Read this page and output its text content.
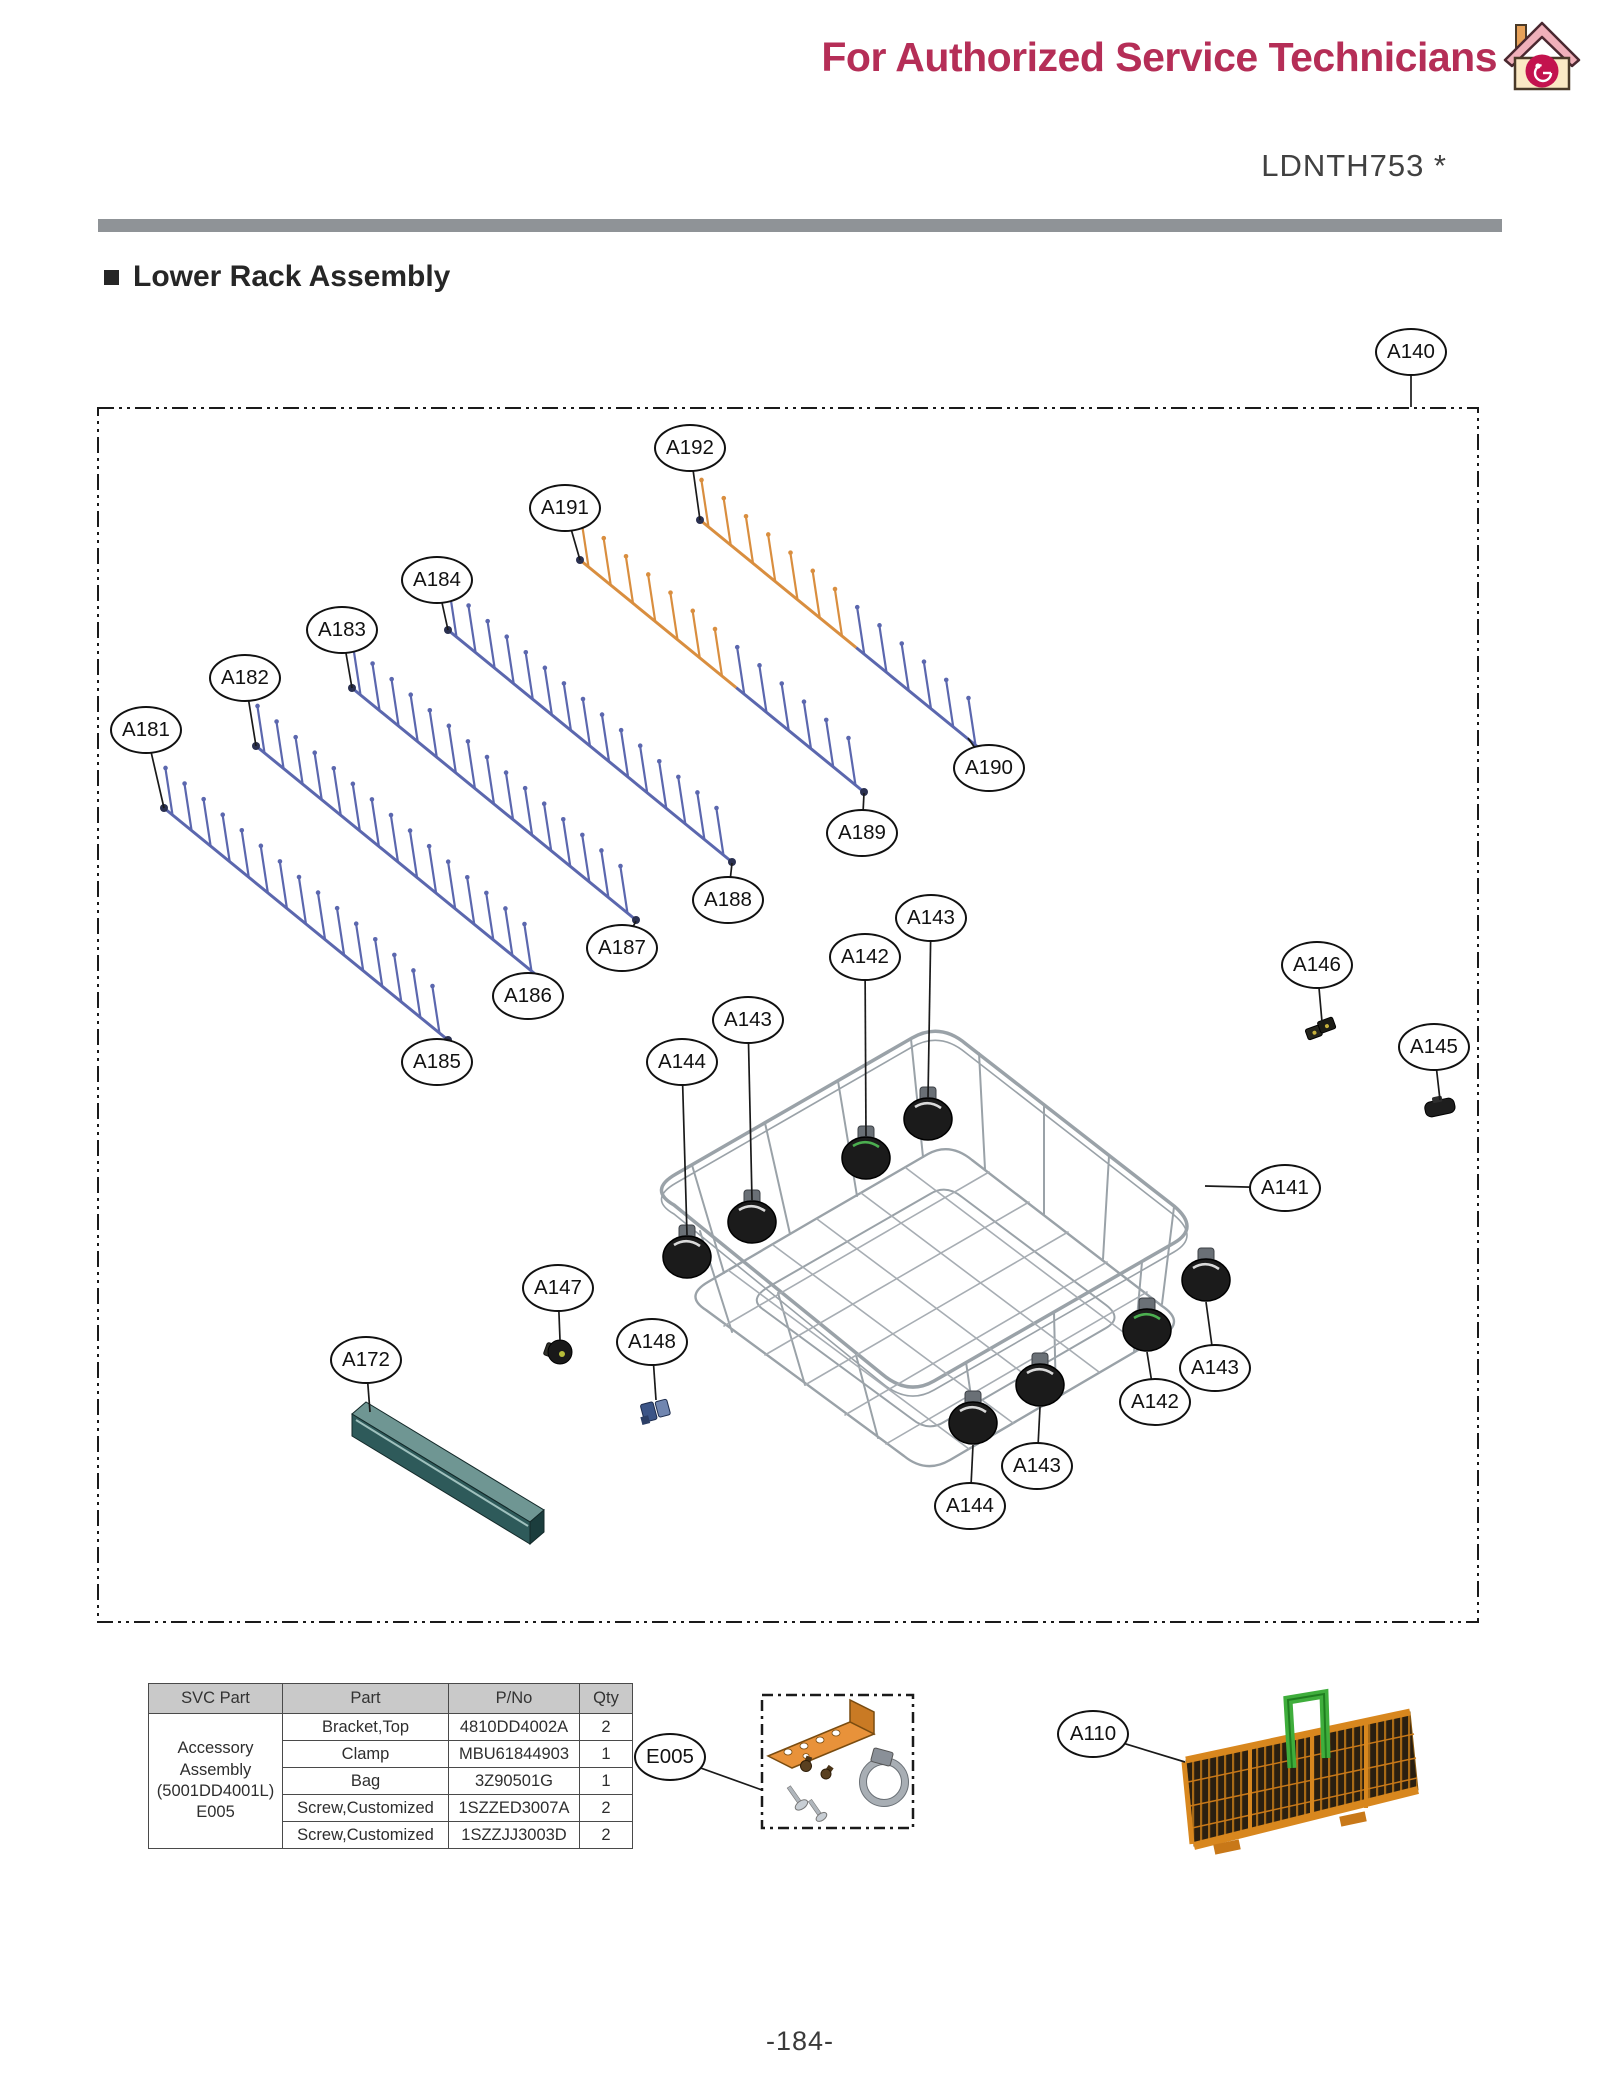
For Authorized Service Technicians
LDNTH753 *
Lower Rack Assembly
SVC Part	Part	P/No	Qty
Accessory Assembly (5001DD4001L) E005	Bracket,Top	4810DD4002A	2
	Clamp	MBU61844903	1
	Bag	3Z90501G	1
	Screw,Customized	1SZZED3007A	2
	Screw,Customized	1SZZJJ3003D	2
-184-
A140
A192
A191
A184
A183
A182
A181
A190
A189
A188
A187
A186
A185
A143
A142
A143
A144
A146
A145
A141
A147
A148
A172	A143
A142
A143
A144
E005
A110
